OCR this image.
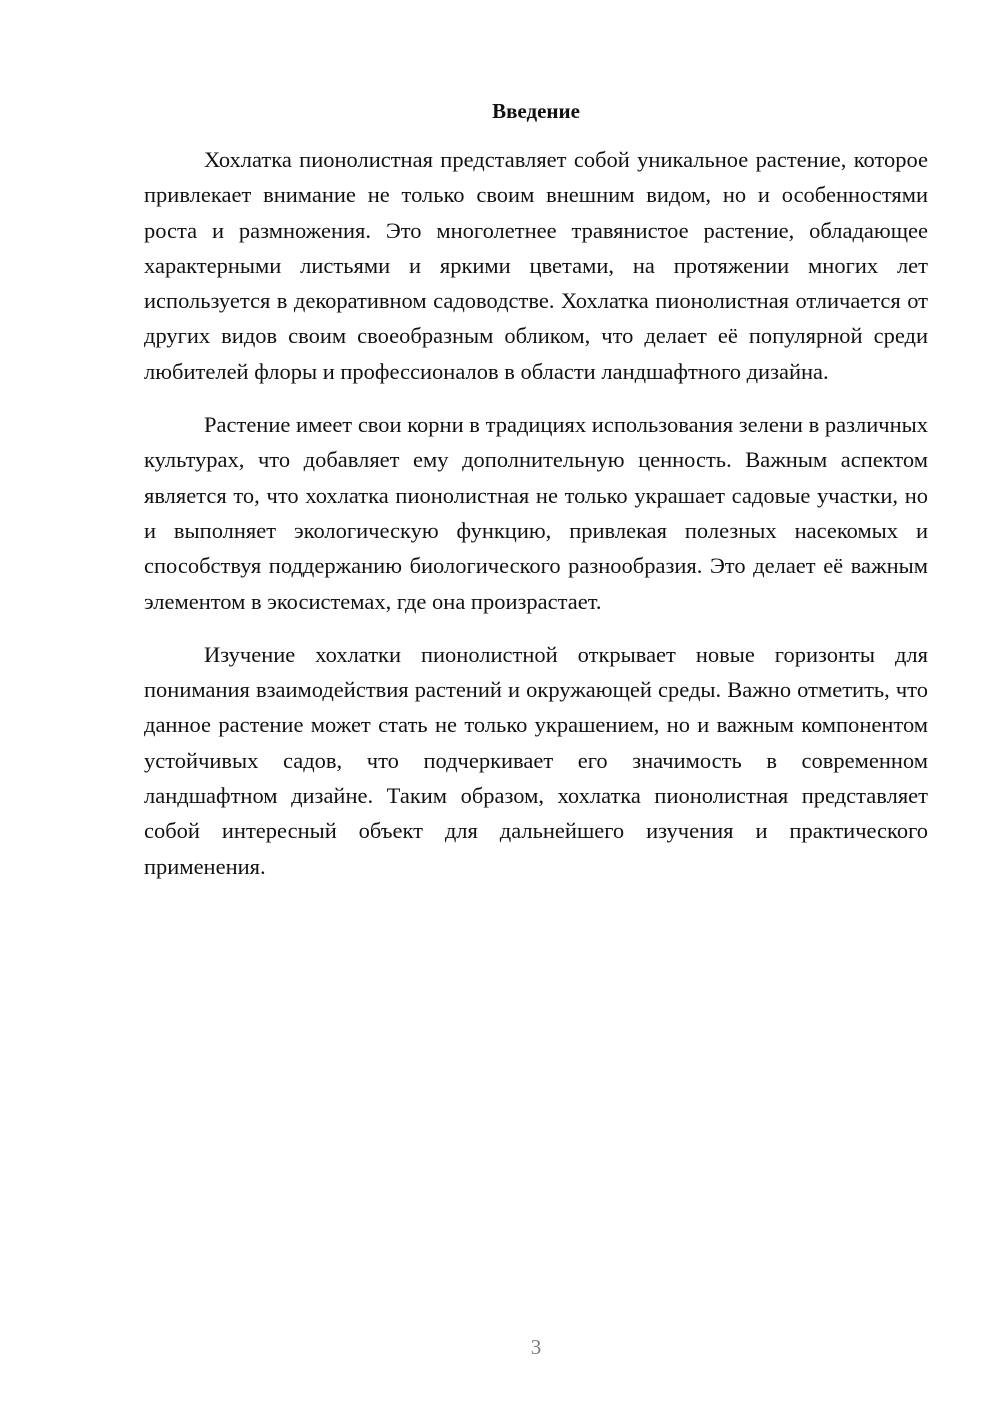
Введение

Хохлатка пионолистная представляет собой уникальное растение, которое привлекает внимание не только своим внешним видом, но и особенностями роста и размножения. Это многолетнее травянистое растение, обладающее характерными листьями и яркими цветами, на протяжении многих лет используется в декоративном садоводстве. Хохлатка пионолистная отличается от других видов своим своеобразным обликом, что делает её популярной среди любителей флоры и профессионалов в области ландшафтного дизайна.

Растение имеет свои корни в традициях использования зелени в различных культурах, что добавляет ему дополнительную ценность. Важным аспектом является то, что хохлатка пионолистная не только украшает садовые участки, но и выполняет экологическую функцию, привлекая полезных насекомых и способствуя поддержанию биологического разнообразия. Это делает её важным элементом в экосистемах, где она произрастает.

Изучение хохлатки пионолистной открывает новые горизонты для понимания взаимодействия растений и окружающей среды. Важно отметить, что данное растение может стать не только украшением, но и важным компонентом устойчивых садов, что подчеркивает его значимость в современном ландшафтном дизайне. Таким образом, хохлатка пионолистная представляет собой интересный объект для дальнейшего изучения и практического применения.

3
